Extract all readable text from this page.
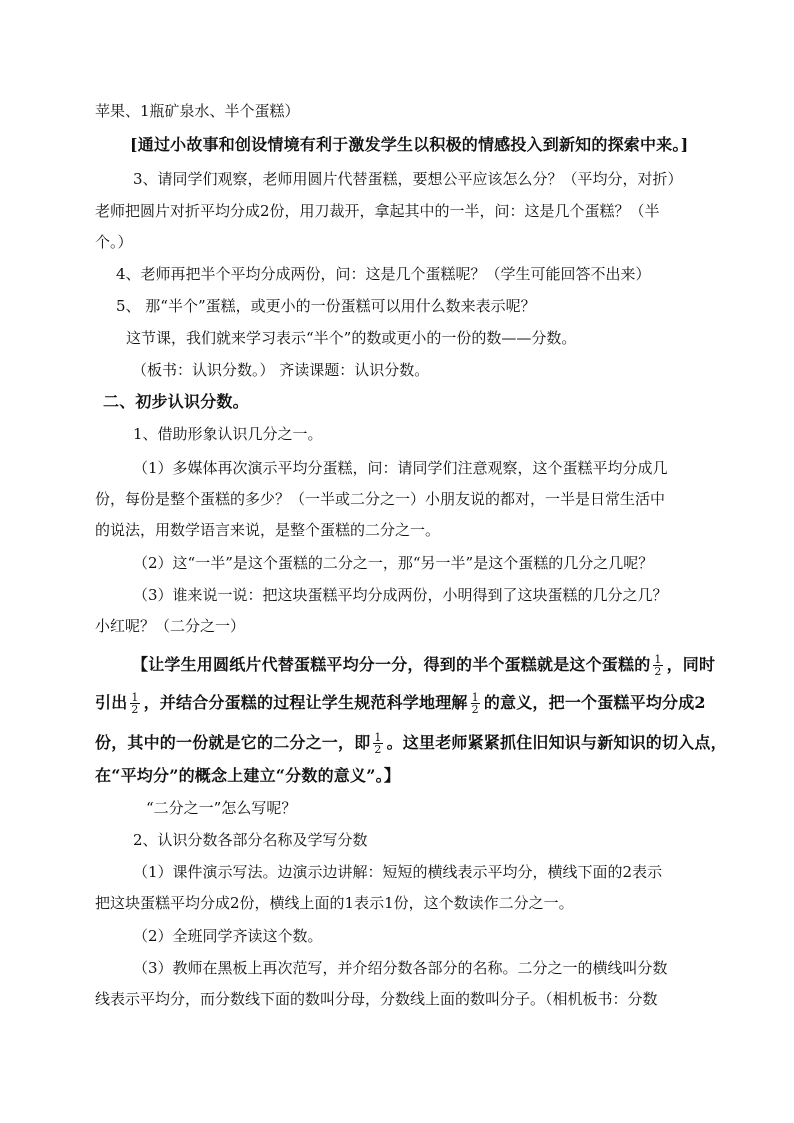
苹果、1瓶矿泉水、半个蛋糕）
[通过小故事和创设情境有利于激发学生以积极的情感投入到新知的探索中来。]
3、请同学们观察，老师用圆片代替蛋糕，要想公平应该怎么分？（平均分，对折）
老师把圆片对折平均分成2份，用刀裁开，拿起其中的一半，问：这是几个蛋糕？（半
个。）
4、老师再把半个平均分成两份，问：这是几个蛋糕呢？（学生可能回答不出来）
5、 那“半个”蛋糕，或更小的一份蛋糕可以用什么数来表示呢？
这节课，我们就来学习表示“半个”的数或更小的一份的数——分数。
（板书：认识分数。） 齐读课题：认识分数。
二、初步认识分数。
1、借助形象认识几分之一。
（1）多媒体再次演示平均分蛋糕，问：请同学们注意观察，这个蛋糕平均分成几
份，每份是整个蛋糕的多少？（一半或二分之一）小朋友说的都对，一半是日常生活中
的说法，用数学语言来说，是整个蛋糕的二分之一。
（2）这“一半”是这个蛋糕的二分之一，那“另一半”是这个蛋糕的几分之几呢？
（3）谁来说一说：把这块蛋糕平均分成两份，小明得到了这块蛋糕的几分之几？
小红呢？（二分之一）
【让学生用圆纸片代替蛋糕平均分一分，得到的半个蛋糕就是这个蛋糕的 $\frac{1}{2}$ ，同时
引出 $\frac{1}{2}$ ，并结合分蛋糕的过程让学生规范科学地理解 $\frac{1}{2}$ 的意义，把一个蛋糕平均分成2
份，其中的一份就是它的二分之一，即 $\frac{1}{2}$ 。这里老师紧紧抓住旧知识与新知识的切入点，
在“平均分”的概念上建立“分数的意义”。】
“二分之一”怎么写呢？
2、认识分数各部分名称及学写分数
（1）课件演示写法。边演示边讲解：短短的横线表示平均分，横线下面的2表示
把这块蛋糕平均分成2份，横线上面的1表示1份，这个数读作二分之一。
（2）全班同学齐读这个数。
（3）教师在黑板上再次范写，并介绍分数各部分的名称。二分之一的横线叫分数
线表示平均分，而分数线下面的数叫分母，分数线上面的数叫分子。（相机板书：分数
